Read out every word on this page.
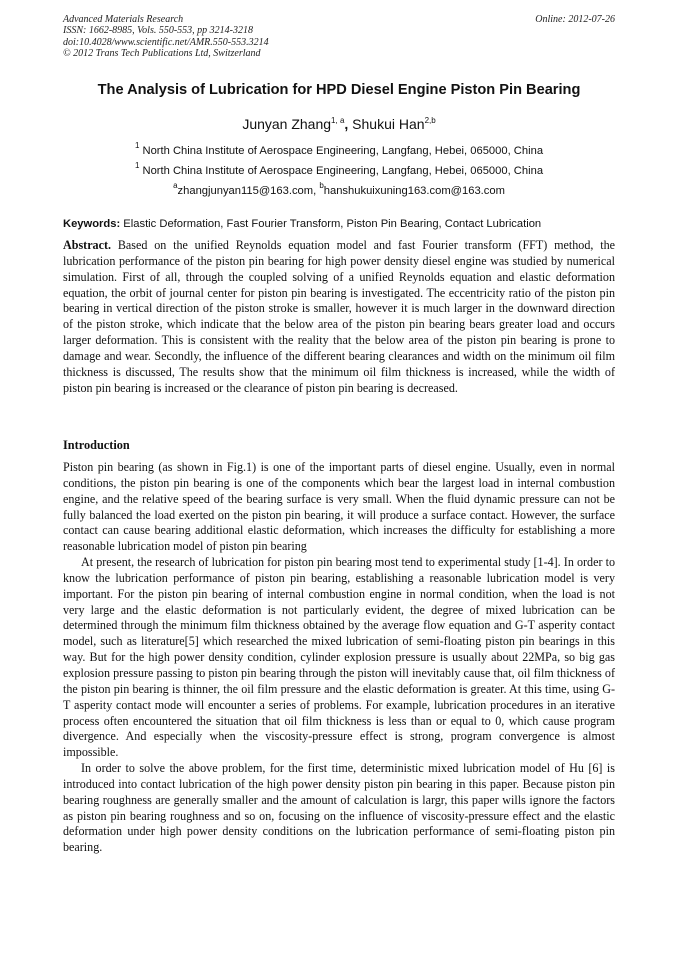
Advanced Materials Research
ISSN: 1662-8985, Vols. 550-553, pp 3214-3218
doi:10.4028/www.scientific.net/AMR.550-553.3214
© 2012 Trans Tech Publications Ltd, Switzerland
Online: 2012-07-26
The Analysis of Lubrication for HPD Diesel Engine Piston Pin Bearing
Junyan Zhang$^{1, a}$, Shukui Han$^{2,b}$
$^1$ North China Institute of Aerospace Engineering, Langfang, Hebei, 065000, China
$^1$ North China Institute of Aerospace Engineering, Langfang, Hebei, 065000, China
$^a$zhangjunyan115@163.com, $^b$hanshukuixuning163.com@163.com
Keywords: Elastic Deformation, Fast Fourier Transform, Piston Pin Bearing, Contact Lubrication
Abstract. Based on the unified Reynolds equation model and fast Fourier transform (FFT) method, the lubrication performance of the piston pin bearing for high power density diesel engine was studied by numerical simulation. First of all, through the coupled solving of a unified Reynolds equation and elastic deformation equation, the orbit of journal center for piston pin bearing is investigated. The eccentricity ratio of the piston pin bearing in vertical direction of the piston stroke is smaller, however it is much larger in the downward direction of the piston stroke, which indicate that the below area of the piston pin bearing bears greater load and occurs larger deformation. This is consistent with the reality that the below area of the piston pin bearing is prone to damage and wear. Secondly, the influence of the different bearing clearances and width on the minimum oil film thickness is discussed, The results show that the minimum oil film thickness is increased, while the width of piston pin bearing is increased or the clearance of piston pin bearing is decreased.
Introduction
Piston pin bearing (as shown in Fig.1) is one of the important parts of diesel engine. Usually, even in normal conditions, the piston pin bearing is one of the components which bear the largest load in internal combustion engine, and the relative speed of the bearing surface is very small. When the fluid dynamic pressure can not be fully balanced the load exerted on the piston pin bearing, it will produce a surface contact. However, the surface contact can cause bearing additional elastic deformation, which increases the difficulty for establishing a more reasonable lubrication model of piston pin bearing
At present, the research of lubrication for piston pin bearing most tend to experimental study [1-4]. In order to know the lubrication performance of piston pin bearing, establishing a reasonable lubrication model is very important. For the piston pin bearing of internal combustion engine in normal condition, when the load is not very large and the elastic deformation is not particularly evident, the degree of mixed lubrication can be determined through the minimum film thickness obtained by the average flow equation and G-T asperity contact model, such as literature[5] which researched the mixed lubrication of semi-floating piston pin bearings in this way. But for the high power density condition, cylinder explosion pressure is usually about 22MPa, so big gas explosion pressure passing to piston pin bearing through the piston will inevitably cause that, oil film thickness of the piston pin bearing is thinner, the oil film pressure and the elastic deformation is greater. At this time, using G-T asperity contact mode will encounter a series of problems. For example, lubrication procedures in an iterative process often encountered the situation that oil film thickness is less than or equal to 0, which cause program divergence. And especially when the viscosity-pressure effect is strong, program convergence is almost impossible.
In order to solve the above problem, for the first time, deterministic mixed lubrication model of Hu [6] is introduced into contact lubrication of the high power density piston pin bearing in this paper. Because piston pin bearing roughness are generally smaller and the amount of calculation is largr, this paper wills ignore the factors as piston pin bearing roughness and so on, focusing on the influence of viscosity-pressure effect and the elastic deformation under high power density conditions on the lubrication performance of semi-floating piston pin bearing.
